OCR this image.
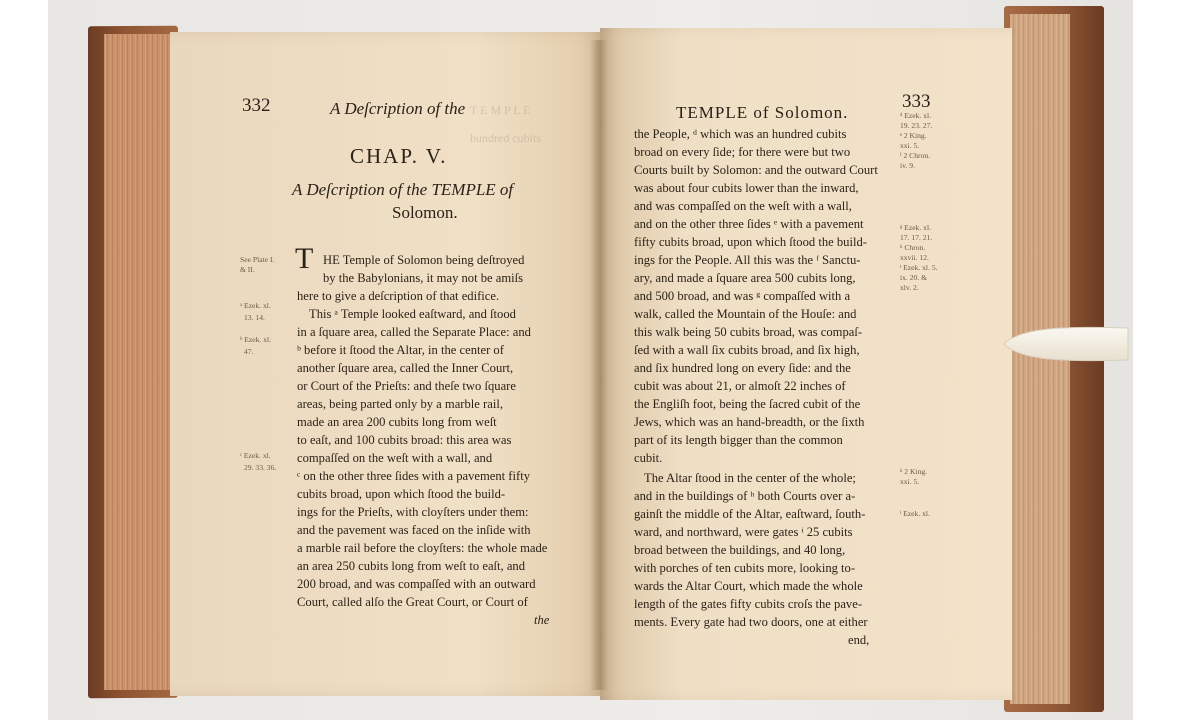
T E M P L E
hundred cubits
332	A Deſcription of the
CHAP. V.
A Deſcription of the TEMPLE of
Solomon.
T HE Temple of Solomon being deſtroyed
by the Babylonians, it may not be amiſs
here to give a deſcription of that edifice.
This ᵃ Temple looked eaſtward, and ſtood
in a ſquare area, called the Separate Place: and
ᵇ before it ſtood the Altar, in the center of
another ſquare area, called the Inner Court,
or Court of the Prieſts: and theſe two ſquare
areas, being parted only by a marble rail,
made an area 200 cubits long from weſt
to eaſt, and 100 cubits broad: this area was
compaſſed on the weſt with a wall, and
ᶜ on the other three ſides with a pavement fifty
cubits broad, upon which ſtood the build-
ings for the Prieſts, with cloyſters under them:
and the pavement was faced on the inſide with
a marble rail before the cloyſters: the whole made
an area 250 cubits long from weſt to eaſt, and
200 broad, and was compaſſed with an outward
Court, called alſo the Great Court, or Court of
the
See Plate I.
& II.
ᵃ Ezek. xl.
13. 14.
ᵇ Ezek. xl.
47.
ᶜ Ezek. xl.
29. 33. 36.
TEMPLE of Solomon.
333
the People, ᵈ which was an hundred cubits
broad on every ſide; for there were but two
Courts built by Solomon: and the outward Court
was about four cubits lower than the inward,
and was compaſſed on the weſt with a wall,
and on the other three ſides ᵉ with a pavement
fifty cubits broad, upon which ſtood the build-
ings for the People. All this was the ᶠ Sanctu-
ary, and made a ſquare area 500 cubits long,
and 500 broad, and was ᵍ compaſſed with a
walk, called the Mountain of the Houſe: and
this walk being 50 cubits broad, was compaſ-
ſed with a wall ſix cubits broad, and ſix high,
and ſix hundred long on every ſide: and the
cubit was about 21, or almoſt 22 inches of
the Engliſh foot, being the ſacred cubit of the
Jews, which was an hand-breadth, or the ſixth
part of its length bigger than the common
cubit.
The Altar ſtood in the center of the whole;
and in the buildings of ʰ both Courts over a-
gainſt the middle of the Altar, eaſtward, ſouth-
ward, and northward, were gates ᶤ 25 cubits
broad between the buildings, and 40 long,
with porches of ten cubits more, looking to-
wards the Altar Court, which made the whole
length of the gates fifty cubits croſs the pave-
ments. Every gate had two doors, one at either
end,
ᵈ Ezek. xl.
19. 23. 27.
ᵉ 2 King.
xxi. 5.
ᶠ 2 Chron.
iv. 9.
ᵍ Ezek. xl.
17. 17. 21.
ʰ Chron.
xxvii. 12.
ᶤ Ezek. xl. 5.
ix. 20. &
xlv. 2.
ᵏ 2 King.
xxi. 5.
ˡ Ezek. xl.
